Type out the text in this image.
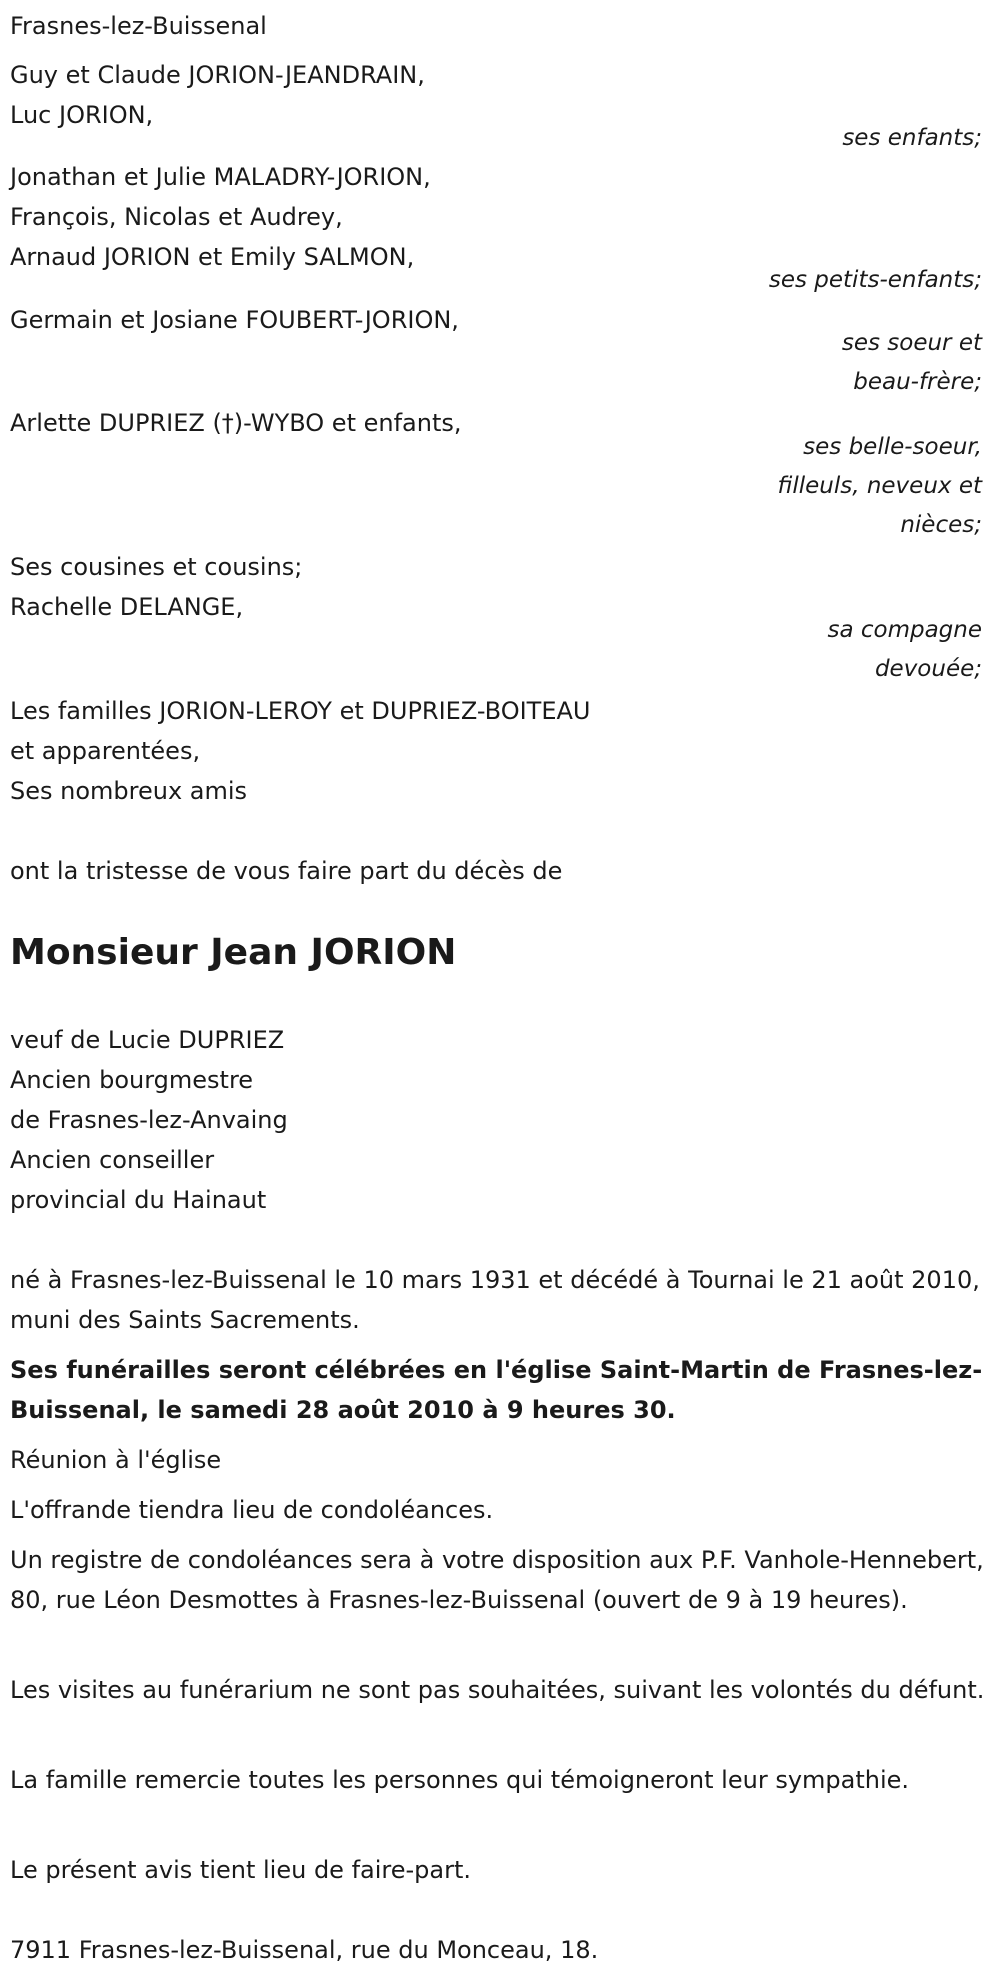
Frasnes-lez-Buissenal
Guy et Claude JORION-JEANDRAIN,
Luc JORION,
ses enfants;
Jonathan et Julie MALADRY-JORION,
François, Nicolas et Audrey,
Arnaud JORION et Emily SALMON,
ses petits-enfants;
Germain et Josiane FOUBERT-JORION,
ses soeur et
beau-frère;
Arlette DUPRIEZ (†)-WYBO et enfants,
ses belle-soeur,
filleuls, neveux et
nièces;
Ses cousines et cousins;
Rachelle DELANGE,
sa compagne
devouée;
Les familles JORION-LEROY et DUPRIEZ-BOITEAU
et apparentées,
Ses nombreux amis
ont la tristesse de vous faire part du décès de
Monsieur Jean JORION
veuf de Lucie DUPRIEZ
Ancien bourgmestre
de Frasnes-lez-Anvaing
Ancien conseiller
provincial du Hainaut
né à Frasnes-lez-Buissenal le 10 mars 1931 et décédé à Tournai le 21 août 2010, muni des Saints Sacrements.
Ses funérailles seront célébrées en l'église Saint-Martin de Frasnes-lez-Buissenal, le samedi 28 août 2010 à 9 heures 30.
Réunion à l'église
L'offrande tiendra lieu de condoléances.
Un registre de condoléances sera à votre disposition aux P.F. Vanhole-Hennebert, 80, rue Léon Desmottes à Frasnes-lez-Buissenal (ouvert de 9 à 19 heures).
Les visites au funérarium ne sont pas souhaitées, suivant les volontés du défunt.
La famille remercie toutes les personnes qui témoigneront leur sympathie.
Le présent avis tient lieu de faire-part.
7911 Frasnes-lez-Buissenal, rue du Monceau, 18.
